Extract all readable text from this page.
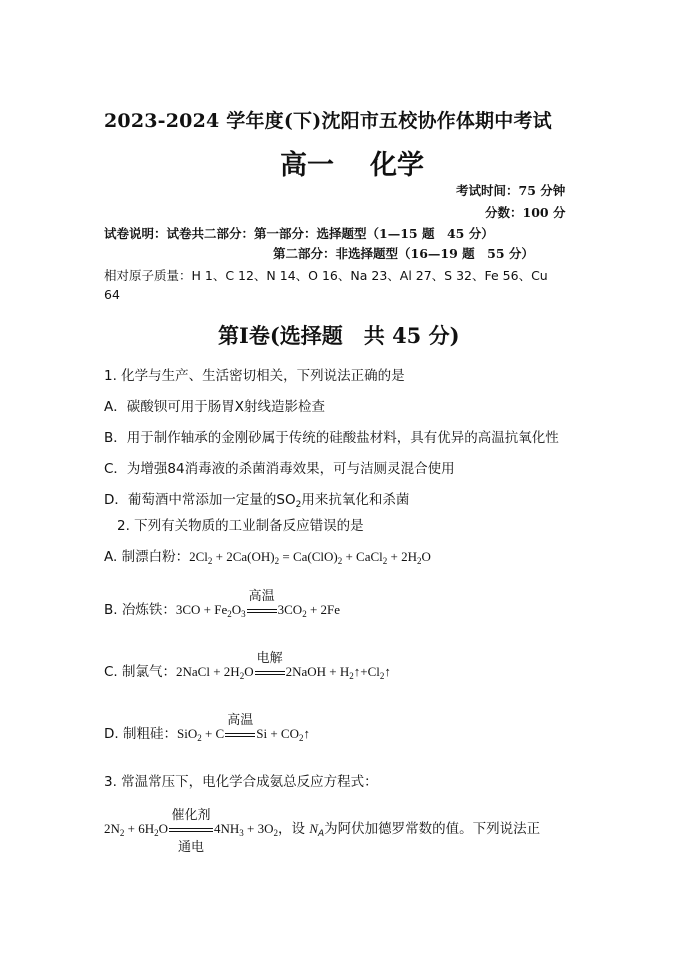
2023-2024 学年度(下)沈阳市五校协作体期中考试
高一 化学
考试时间：75 分钟
分数：100 分
试卷说明：试卷共二部分：第一部分：选择题型（1—15 题　45 分）
第二部分：非选择题型（16—19 题　55 分）
相对原子质量：H 1、C 12、N 14、O 16、Na 23、Al 27、S 32、Fe 56、Cu
64
第Ⅰ卷(选择题　共 45 分)
1. 化学与生产、生活密切相关，下列说法正确的是
A．碳酸钡可用于肠胃X射线造影检查
B．用于制作轴承的金刚砂属于传统的硅酸盐材料，具有优异的高温抗氧化性
C．为增强84消毒液的杀菌消毒效果，可与洁厕灵混合使用
D．葡萄酒中常添加一定量的$SO_2$用来抗氧化和杀菌
2. 下列有关物质的工业制备反应错误的是
A. 制漂白粉：$2Cl_2 + 2Ca(OH)_2 = Ca(ClO)_2$ + CaCl$_2$ + $2H_2O$
B. 冶炼铁：$3CO + Fe_2O_3$
高温
$3CO_2 + 2Fe$
C. 制氯气：2NaCl + $2H_2O$
电解
2NaOH + $H_2↑+Cl_2↑$
D. 制粗硅：SiO$_2$ + C
高温
$Si + CO_2↑$
3. 常温常压下，电化学合成氨总反应方程式：
$2N_2 + 6H_2O$
催化剂
通电
$4NH_3 + 3O_2$，设 $N_A$为阿伏加德罗常数的值。下列说法正
